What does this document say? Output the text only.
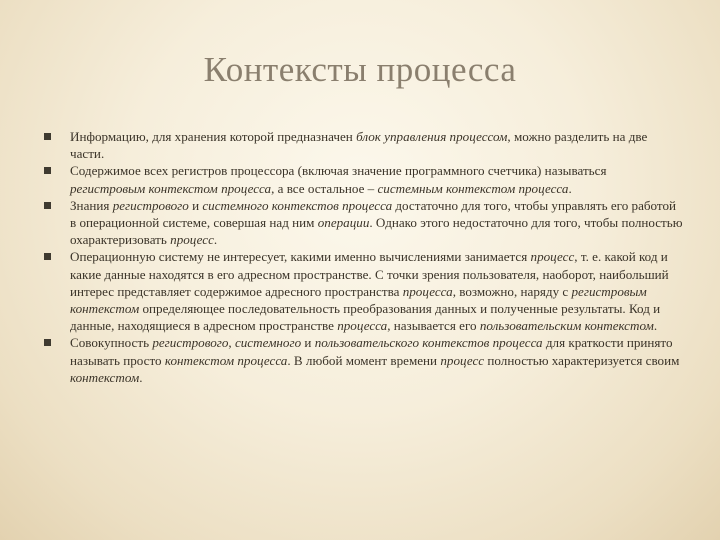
Контексты процесса
Информацию, для хранения которой предназначен блок управления процессом, можно разделить на две части.
Содержимое всех регистров процессора (включая значение программного счетчика) называться регистровым контекстом процесса, а все остальное – системным контекстом процесса.
Знания регистрового и системного контекстов процесса достаточно для того, чтобы управлять его работой в операционной системе, совершая над ним операции. Однако этого недостаточно для того, чтобы полностью охарактеризовать процесс.
Операционную систему не интересует, какими именно вычислениями занимается процесс, т. е. какой код и какие данные находятся в его адресном пространстве. С точки зрения пользователя, наоборот, наибольший интерес представляет содержимое адресного пространства процесса, возможно, наряду с регистровым контекстом определяющее последовательность преобразования данных и полученные результаты. Код и данные, находящиеся в адресном пространстве процесса, называется его пользовательским контекстом.
Совокупность регистрового, системного и пользовательского контекстов процесса для краткости принято называть просто контекстом процесса. В любой момент времени процесс полностью характеризуется своим контекстом.
